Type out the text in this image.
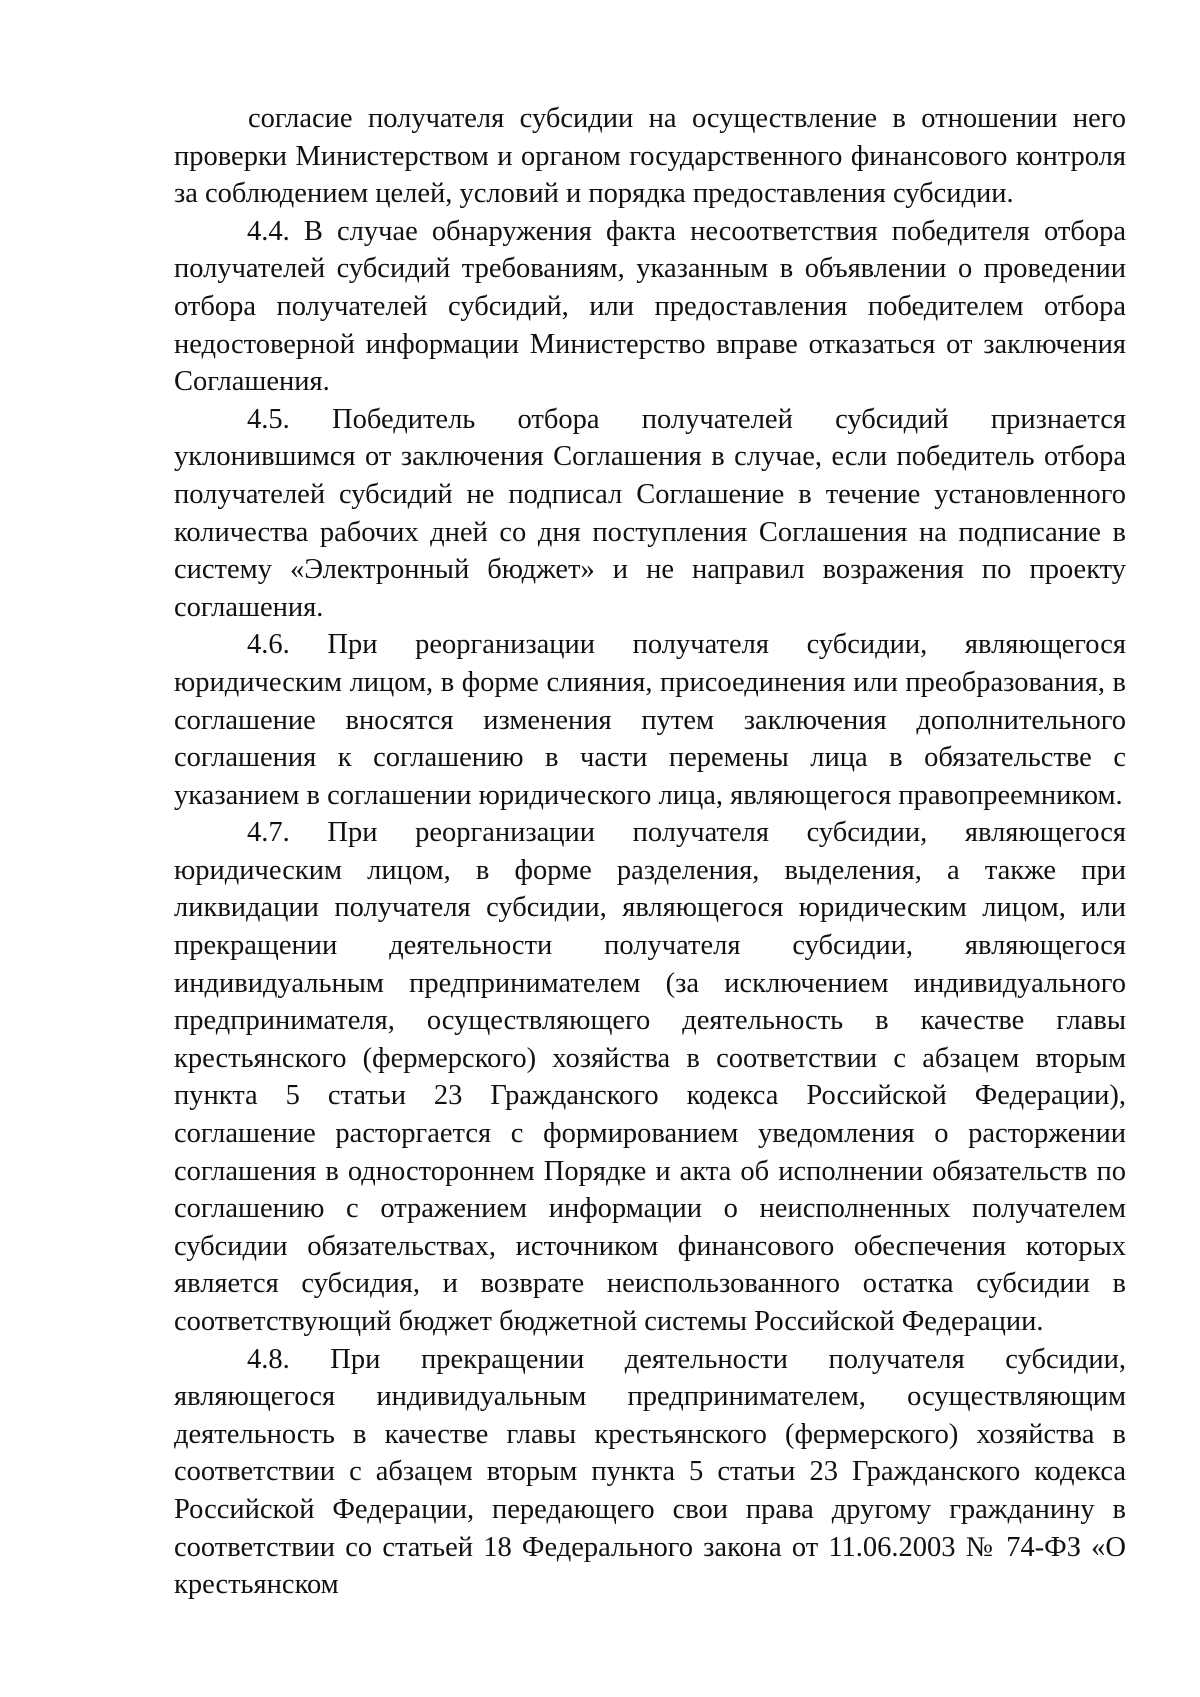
согласие получателя субсидии на осуществление в отношении него проверки Министерством и органом государственного финансового контроля за соблюдением целей, условий и порядка предоставления субсидии.

4.4. В случае обнаружения факта несоответствия победителя отбора получателей субсидий требованиям, указанным в объявлении о проведении отбора получателей субсидий, или предоставления победителем отбора недостоверной информации Министерство вправе отказаться от заключения Соглашения.

4.5. Победитель отбора получателей субсидий признается уклонившимся от заключения Соглашения в случае, если победитель отбора получателей субсидий не подписал Соглашение в течение установленного количества рабочих дней со дня поступления Соглашения на подписание в систему «Электронный бюджет» и не направил возражения по проекту соглашения.

4.6. При реорганизации получателя субсидии, являющегося юридическим лицом, в форме слияния, присоединения или преобразования, в соглашение вносятся изменения путем заключения дополнительного соглашения к соглашению в части перемены лица в обязательстве с указанием в соглашении юридического лица, являющегося правопреемником.

4.7. При реорганизации получателя субсидии, являющегося юридическим лицом, в форме разделения, выделения, а также при ликвидации получателя субсидии, являющегося юридическим лицом, или прекращении деятельности получателя субсидии, являющегося индивидуальным предпринимателем (за исключением индивидуального предпринимателя, осуществляющего деятельность в качестве главы крестьянского (фермерского) хозяйства в соответствии с абзацем вторым пункта 5 статьи 23 Гражданского кодекса Российской Федерации), соглашение расторгается с формированием уведомления о расторжении соглашения в одностороннем Порядке и акта об исполнении обязательств по соглашению с отражением информации о неисполненных получателем субсидии обязательствах, источником финансового обеспечения которых является субсидия, и возврате неиспользованного остатка субсидии в соответствующий бюджет бюджетной системы Российской Федерации.

4.8. При прекращении деятельности получателя субсидии, являющегося индивидуальным предпринимателем, осуществляющим деятельность в качестве главы крестьянского (фермерского) хозяйства в соответствии с абзацем вторым пункта 5 статьи 23 Гражданского кодекса Российской Федерации, передающего свои права другому гражданину в соответствии со статьей 18 Федерального закона от 11.06.2003 № 74-ФЗ «О крестьянском
